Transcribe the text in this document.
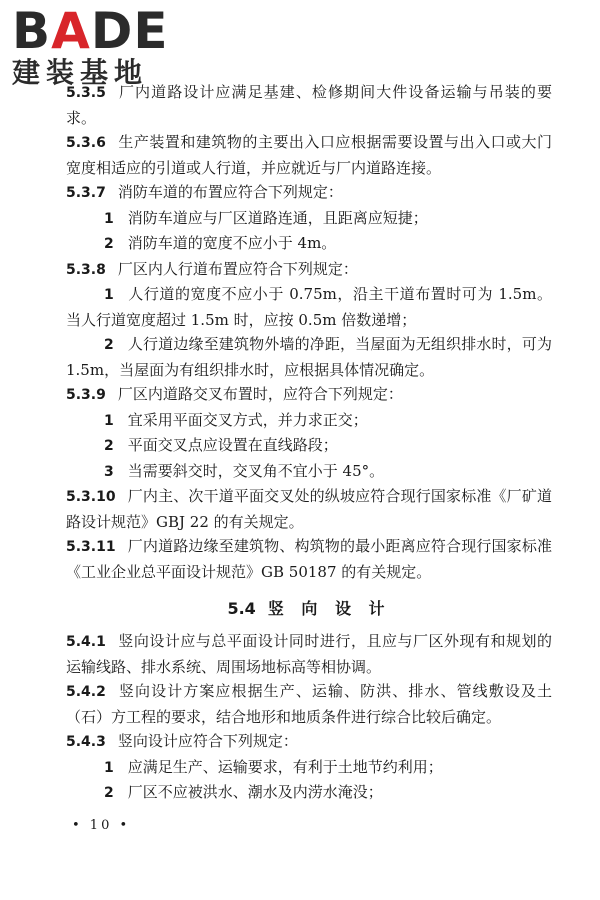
BADE
建装基地

5.3.5 厂内道路设计应满足基建、检修期间大件设备运输与吊装的要求。

5.3.6 生产装置和建筑物的主要出入口应根据需要设置与出入口或大门宽度相适应的引道或人行道，并应就近与厂内道路连接。

5.3.7 消防车道的布置应符合下列规定：

1 消防车道应与厂区道路连通，且距离应短捷；

2 消防车道的宽度不应小于 4m。

5.3.8 厂区内人行道布置应符合下列规定：

1 人行道的宽度不应小于 0.75m，沿主干道布置时可为 1.5m。当人行道宽度超过 1.5m 时，应按 0.5m 倍数递增；

2 人行道边缘至建筑物外墙的净距，当屋面为无组织排水时，可为 1.5m，当屋面为有组织排水时，应根据具体情况确定。

5.3.9 厂区内道路交叉布置时，应符合下列规定：

1 宜采用平面交叉方式，并力求正交；

2 平面交叉点应设置在直线路段；

3 当需要斜交时，交叉角不宜小于 45°。

5.3.10 厂内主、次干道平面交叉处的纵坡应符合现行国家标准《厂矿道路设计规范》GBJ 22 的有关规定。

5.3.11 厂内道路边缘至建筑物、构筑物的最小距离应符合现行国家标准《工业企业总平面设计规范》GB 50187 的有关规定。

5.4 竖 向 设 计

5.4.1 竖向设计应与总平面设计同时进行，且应与厂区外现有和规划的运输线路、排水系统、周围场地标高等相协调。

5.4.2 竖向设计方案应根据生产、运输、防洪、排水、管线敷设及土（石）方工程的要求，结合地形和地质条件进行综合比较后确定。

5.4.3 竖向设计应符合下列规定：

1 应满足生产、运输要求，有利于土地节约利用；

2 厂区不应被洪水、潮水及内涝水淹没；

• 10 •
